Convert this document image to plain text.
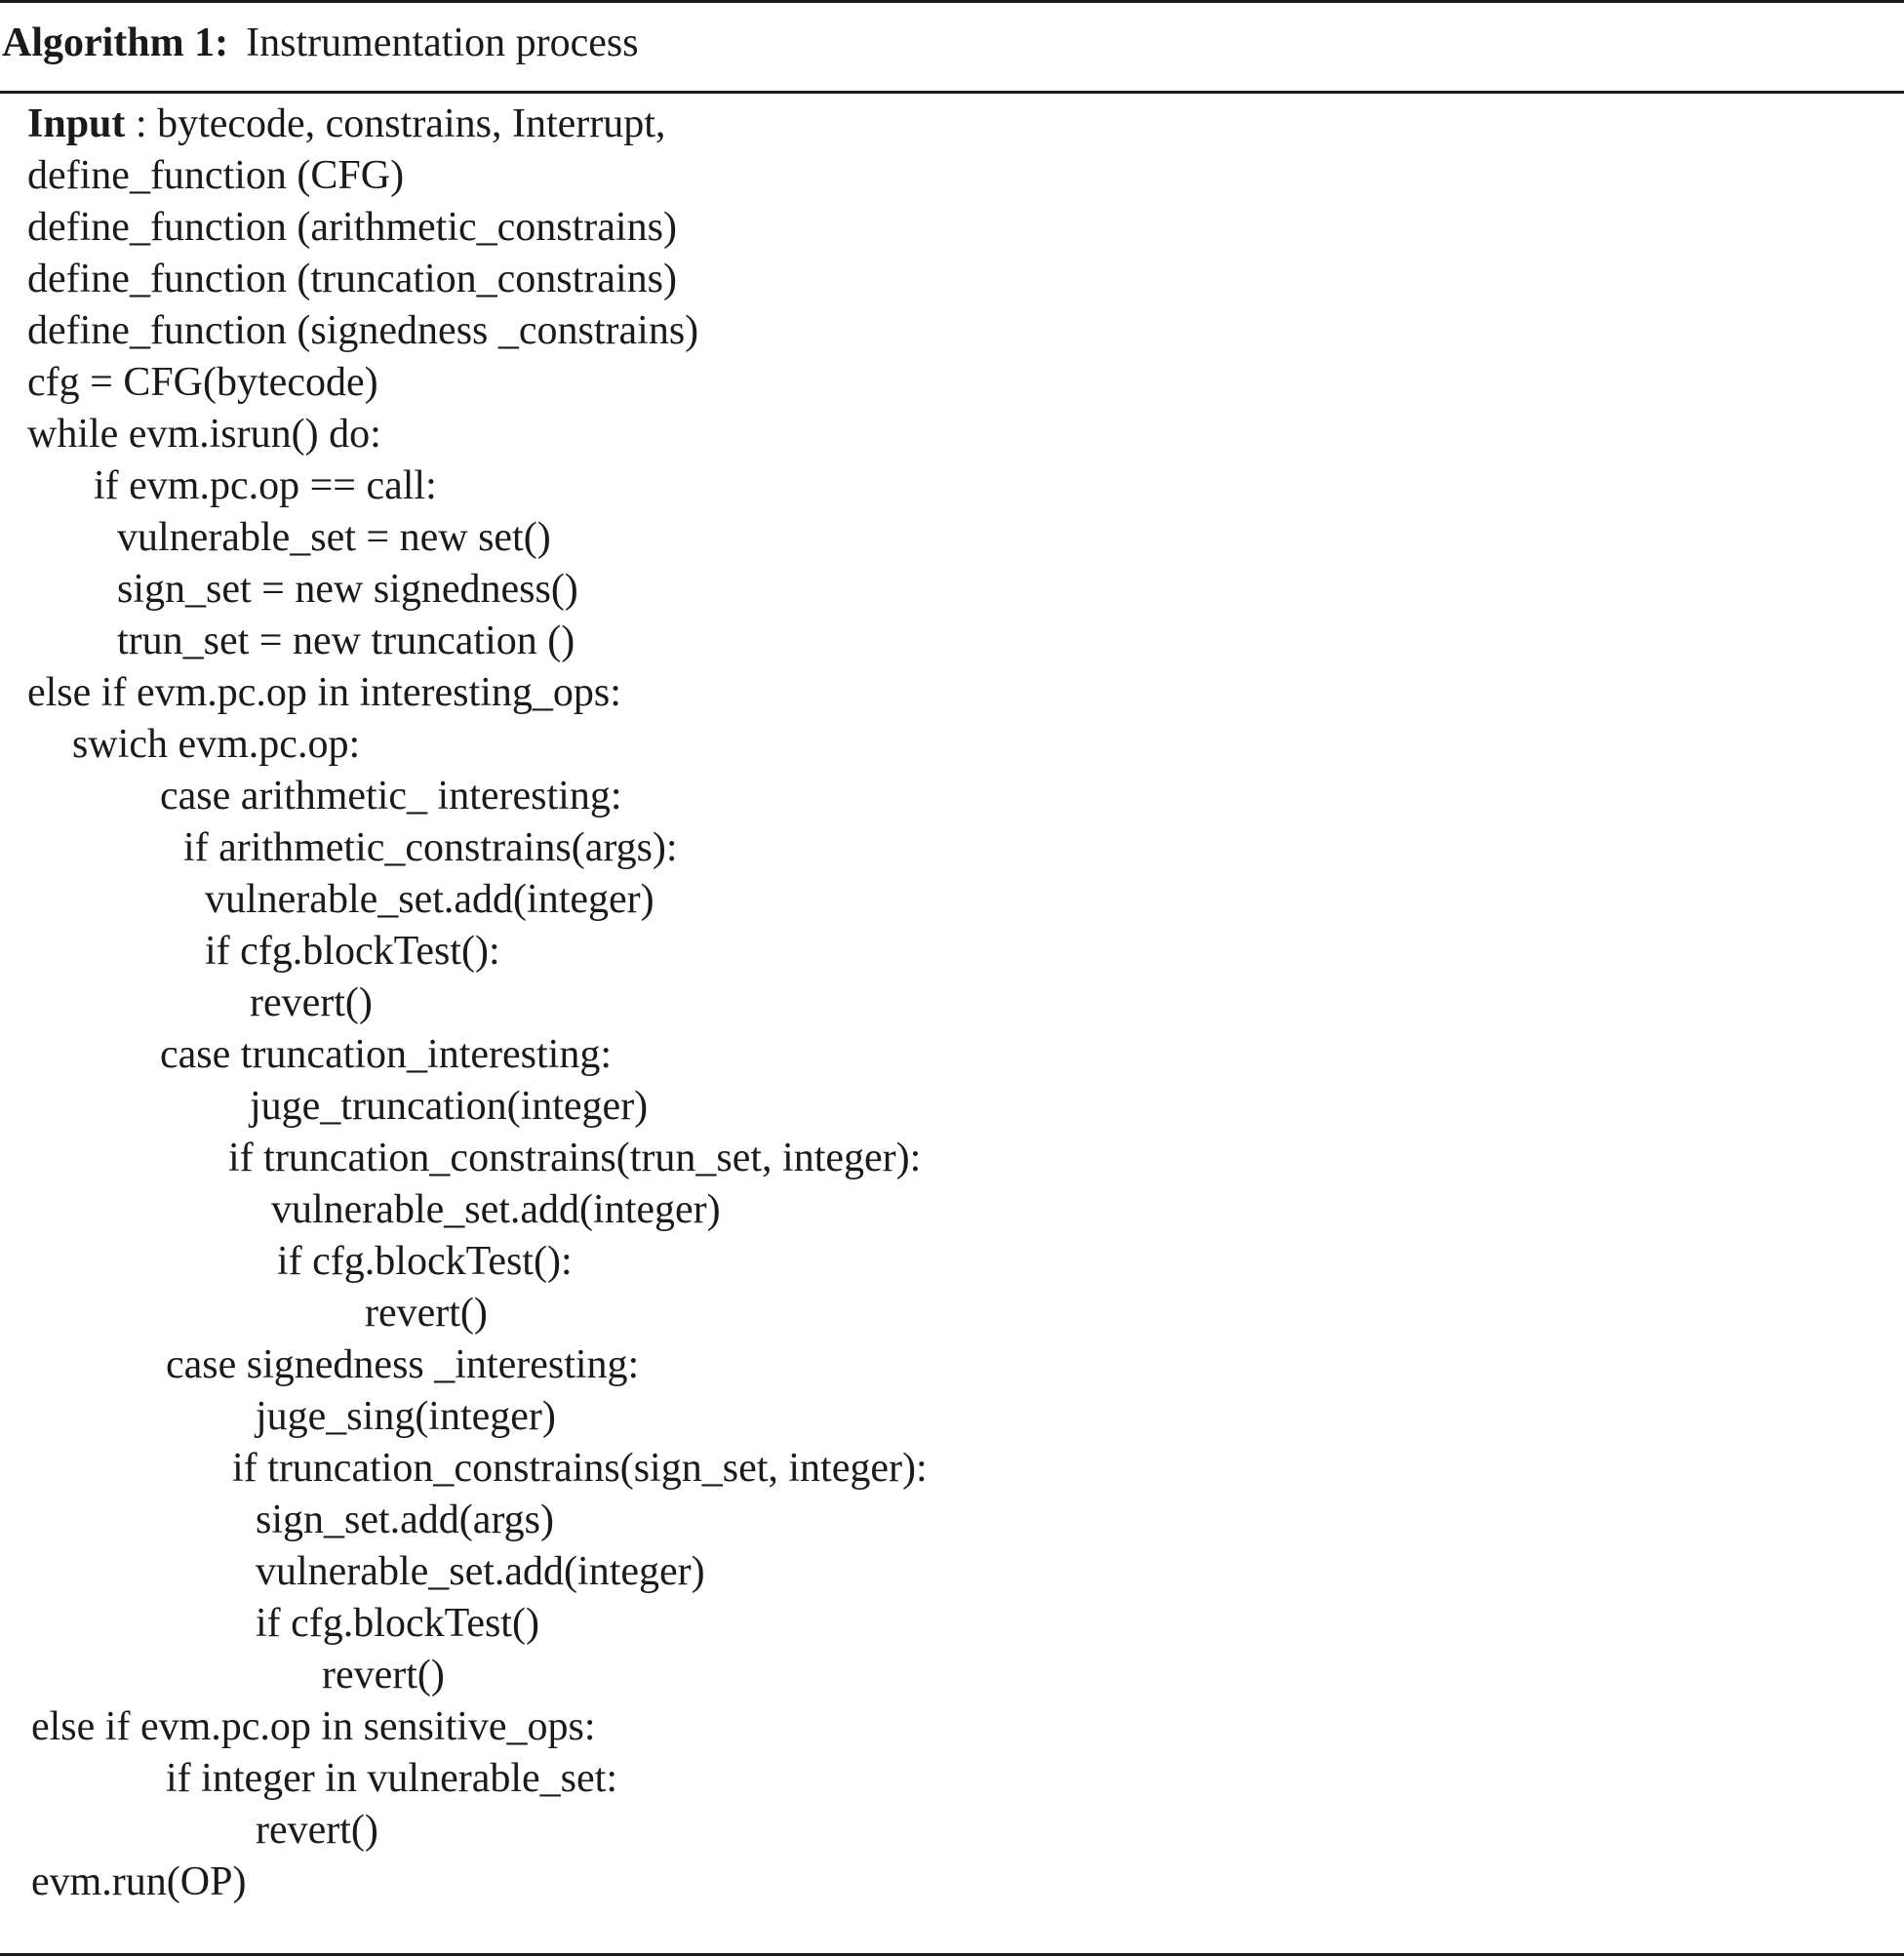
Algorithm 1: Instrumentation process
Input : bytecode, constrains, Interrupt,
define_function (CFG)
define_function (arithmetic_constrains)
define_function (truncation_constrains)
define_function (signedness _constrains)
cfg = CFG(bytecode)
while evm.isrun() do:
if evm.pc.op == call:
vulnerable_set = new set()
sign_set = new signedness()
trun_set = new truncation ()
else if evm.pc.op in interesting_ops:
swich evm.pc.op:
case arithmetic_ interesting:
if arithmetic_constrains(args):
vulnerable_set.add(integer)
if cfg.blockTest():
revert()
case truncation_interesting:
juge_truncation(integer)
if truncation_constrains(trun_set, integer):
vulnerable_set.add(integer)
if cfg.blockTest():
revert()
case signedness _interesting:
juge_sing(integer)
if truncation_constrains(sign_set, integer):
sign_set.add(args)
vulnerable_set.add(integer)
if cfg.blockTest()
revert()
else if evm.pc.op in sensitive_ops:
if integer in vulnerable_set:
revert()
evm.run(OP)
